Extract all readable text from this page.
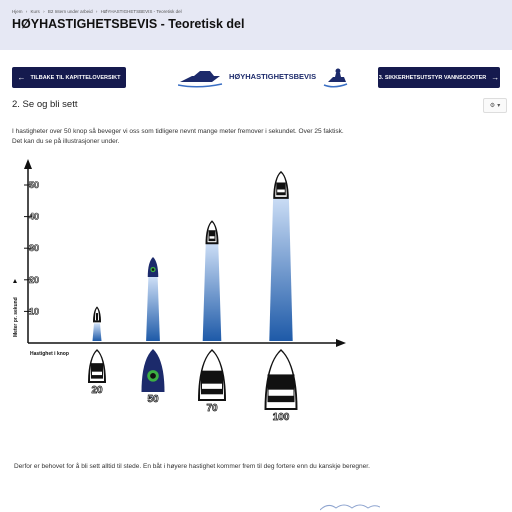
Hjem › Kurs › B2 Intern under arbeid › HØYHASTIGHETSBEVIS - Teoretisk del
HØYHASTIGHETSBEVIS - Teoretisk del
← TILBAKE TIL KAPITTELOVERSIKT	HØYHASTIGHETSBEVIS	3. SIKKERHETSUTSTYR VANNSCOOTER →
2. Se og bli sett	⚙ ▾

I hastigheter over 50 knop så beveger vi oss som tidligere nevnt mange meter fremover i sekundet. Over 25 faktisk.

Det kan du se på illustrasjoner under.

Meter pr. sekund
Hastighet i knop
10
20
30
40
50
20
50
70
100
Derfor er behovet for å bli sett alltid til stede. En båt i høyere hastighet kommer frem til deg fortere enn du kanskje beregner.
